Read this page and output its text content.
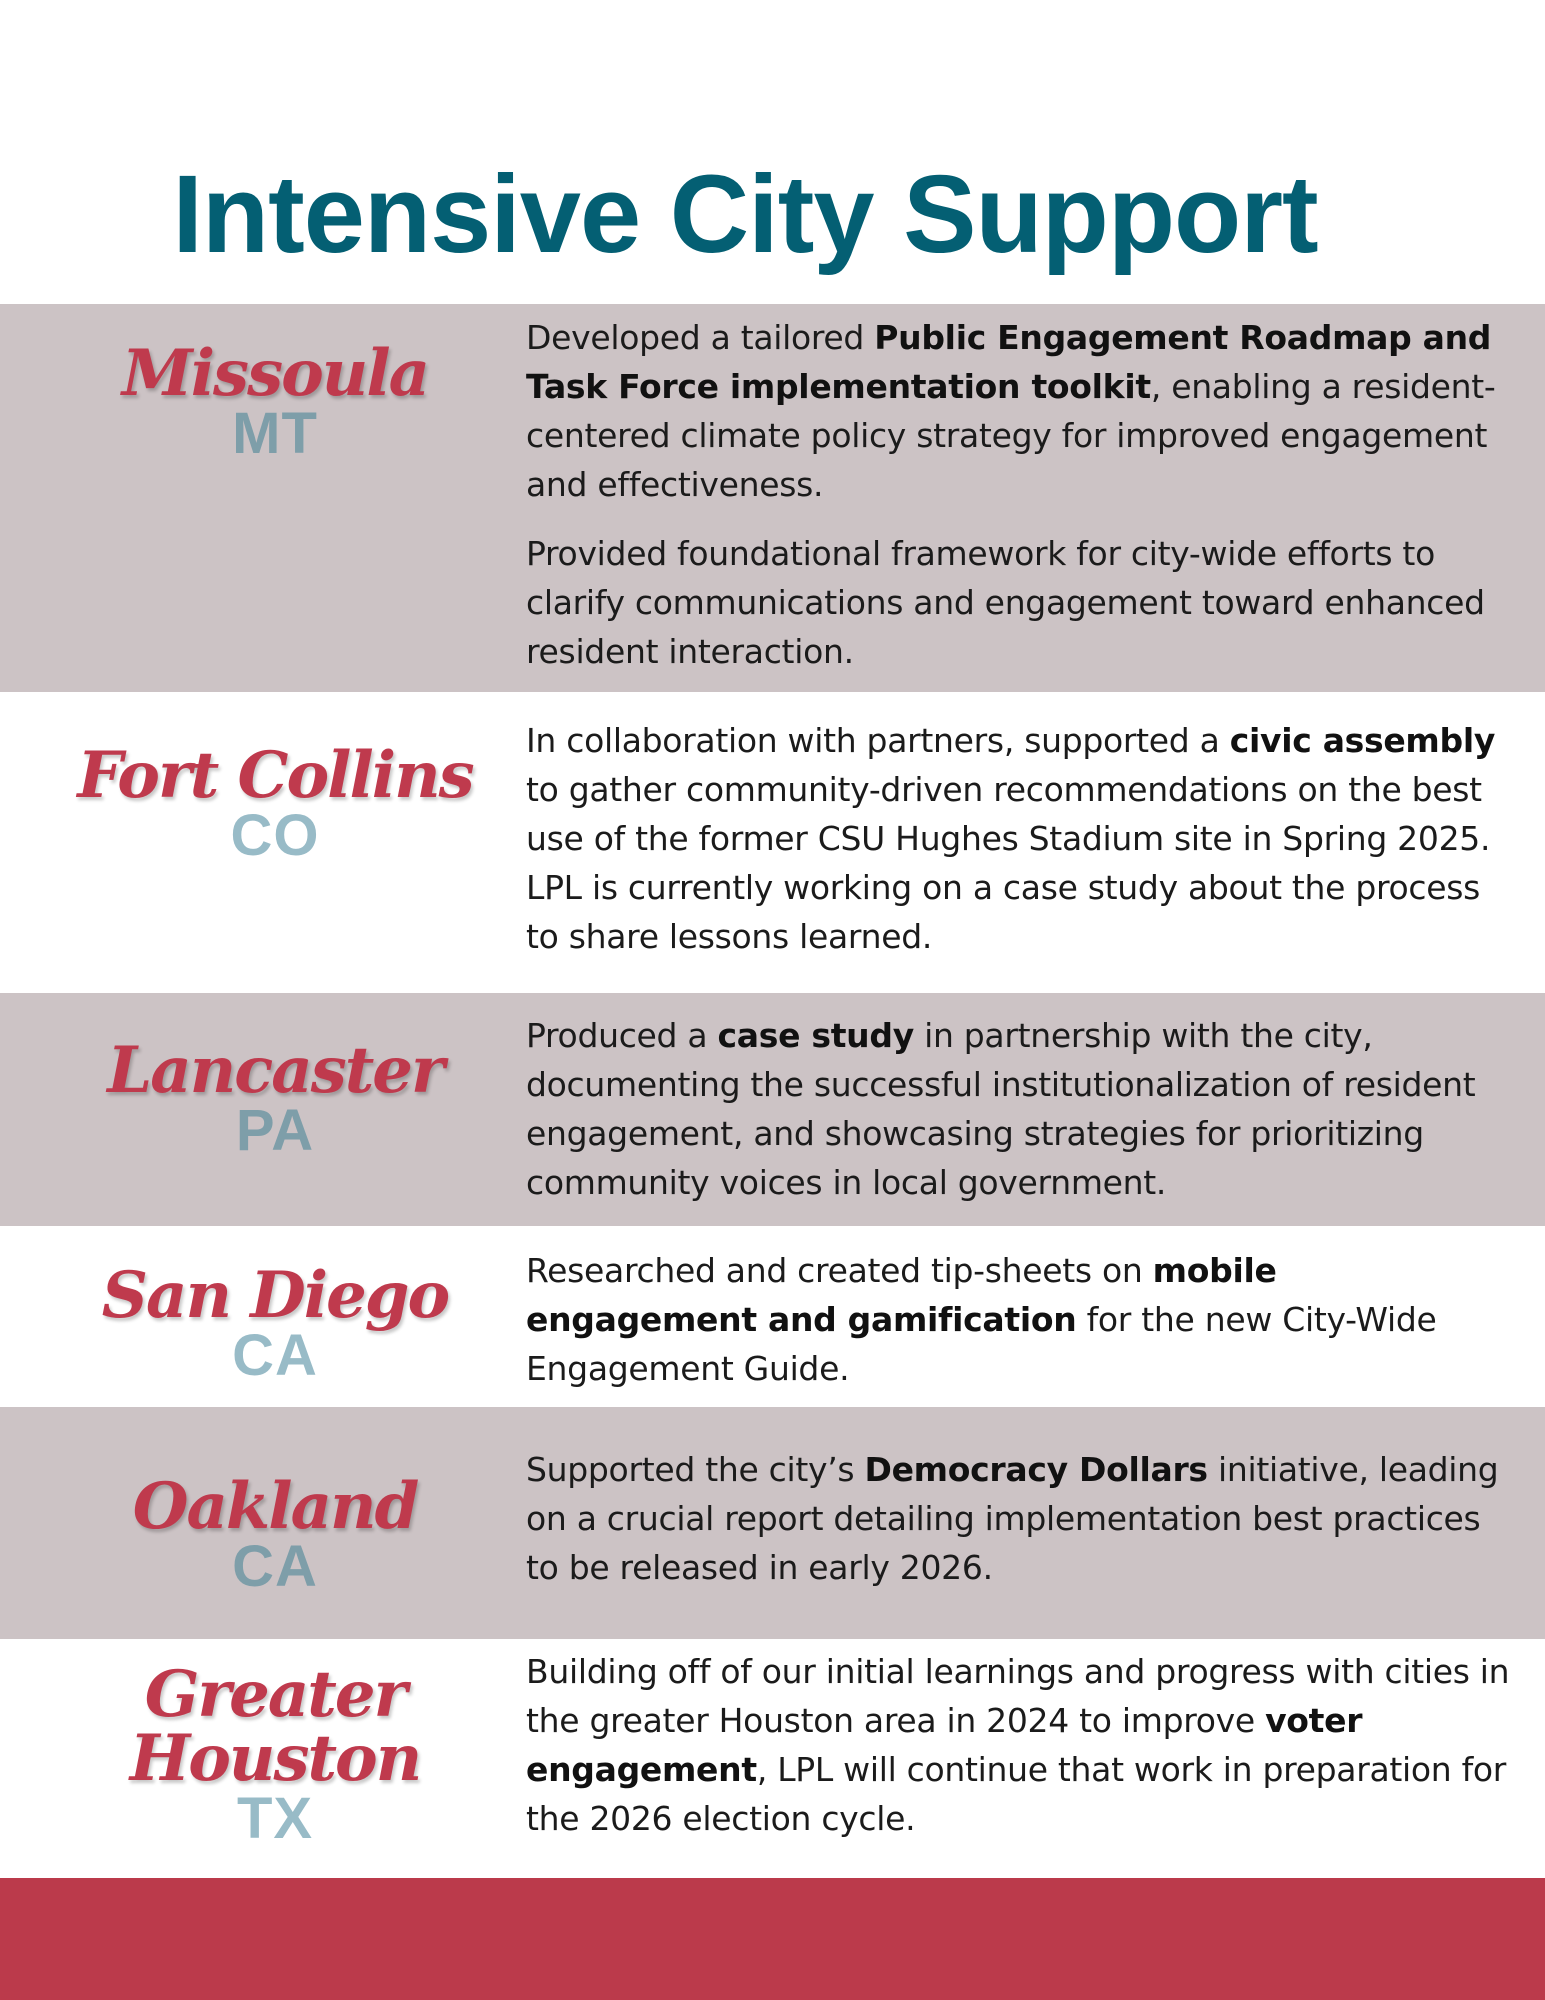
Intensive City Support
Missoula
MT

Developed a tailored Public Engagement Roadmap and Task Force implementation toolkit, enabling a resident-centered climate policy strategy for improved engagement and effectiveness.

Provided foundational framework for city-wide efforts to clarify communications and engagement toward enhanced resident interaction.

Fort Collins
CO

In collaboration with partners, supported a civic assembly to gather community-driven recommendations on the best use of the former CSU Hughes Stadium site in Spring 2025. LPL is currently working on a case study about the process to share lessons learned.

Lancaster
PA

Produced a case study in partnership with the city, documenting the successful institutionalization of resident engagement, and showcasing strategies for prioritizing community voices in local government.

San Diego
CA

Researched and created tip-sheets on mobile engagement and gamification for the new City-Wide Engagement Guide.

Oakland
CA

Supported the city’s Democracy Dollars initiative, leading on a crucial report detailing implementation best practices to be released in early 2026.

Greater
Houston
TX

Building off of our initial learnings and progress with cities in the greater Houston area in 2024 to improve voter engagement, LPL will continue that work in preparation for the 2026 election cycle.
